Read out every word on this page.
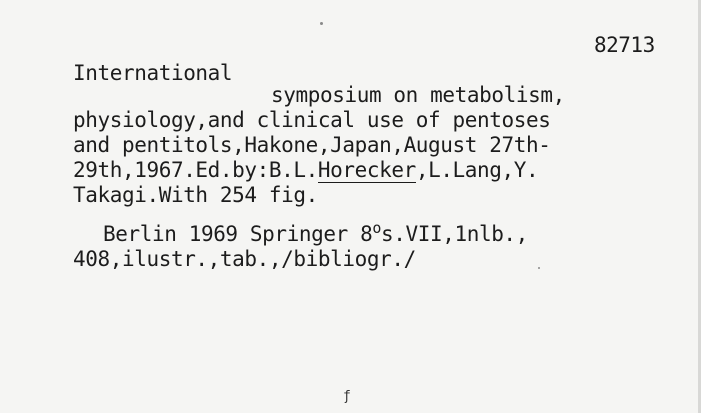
82713
International
symposium on metabolism,
physiology,and clinical use of pentoses
and pentitols,Hakone,Japan,August 27th-
29th,1967.Ed.by:B.L.Horecker,L.Lang,Y.
Takagi.With 254 fig.
Berlin 1969 Springer 8$^o$s.VII,1nlb.,
408,ilustr.,tab.,/bibliogr./
ƒ
